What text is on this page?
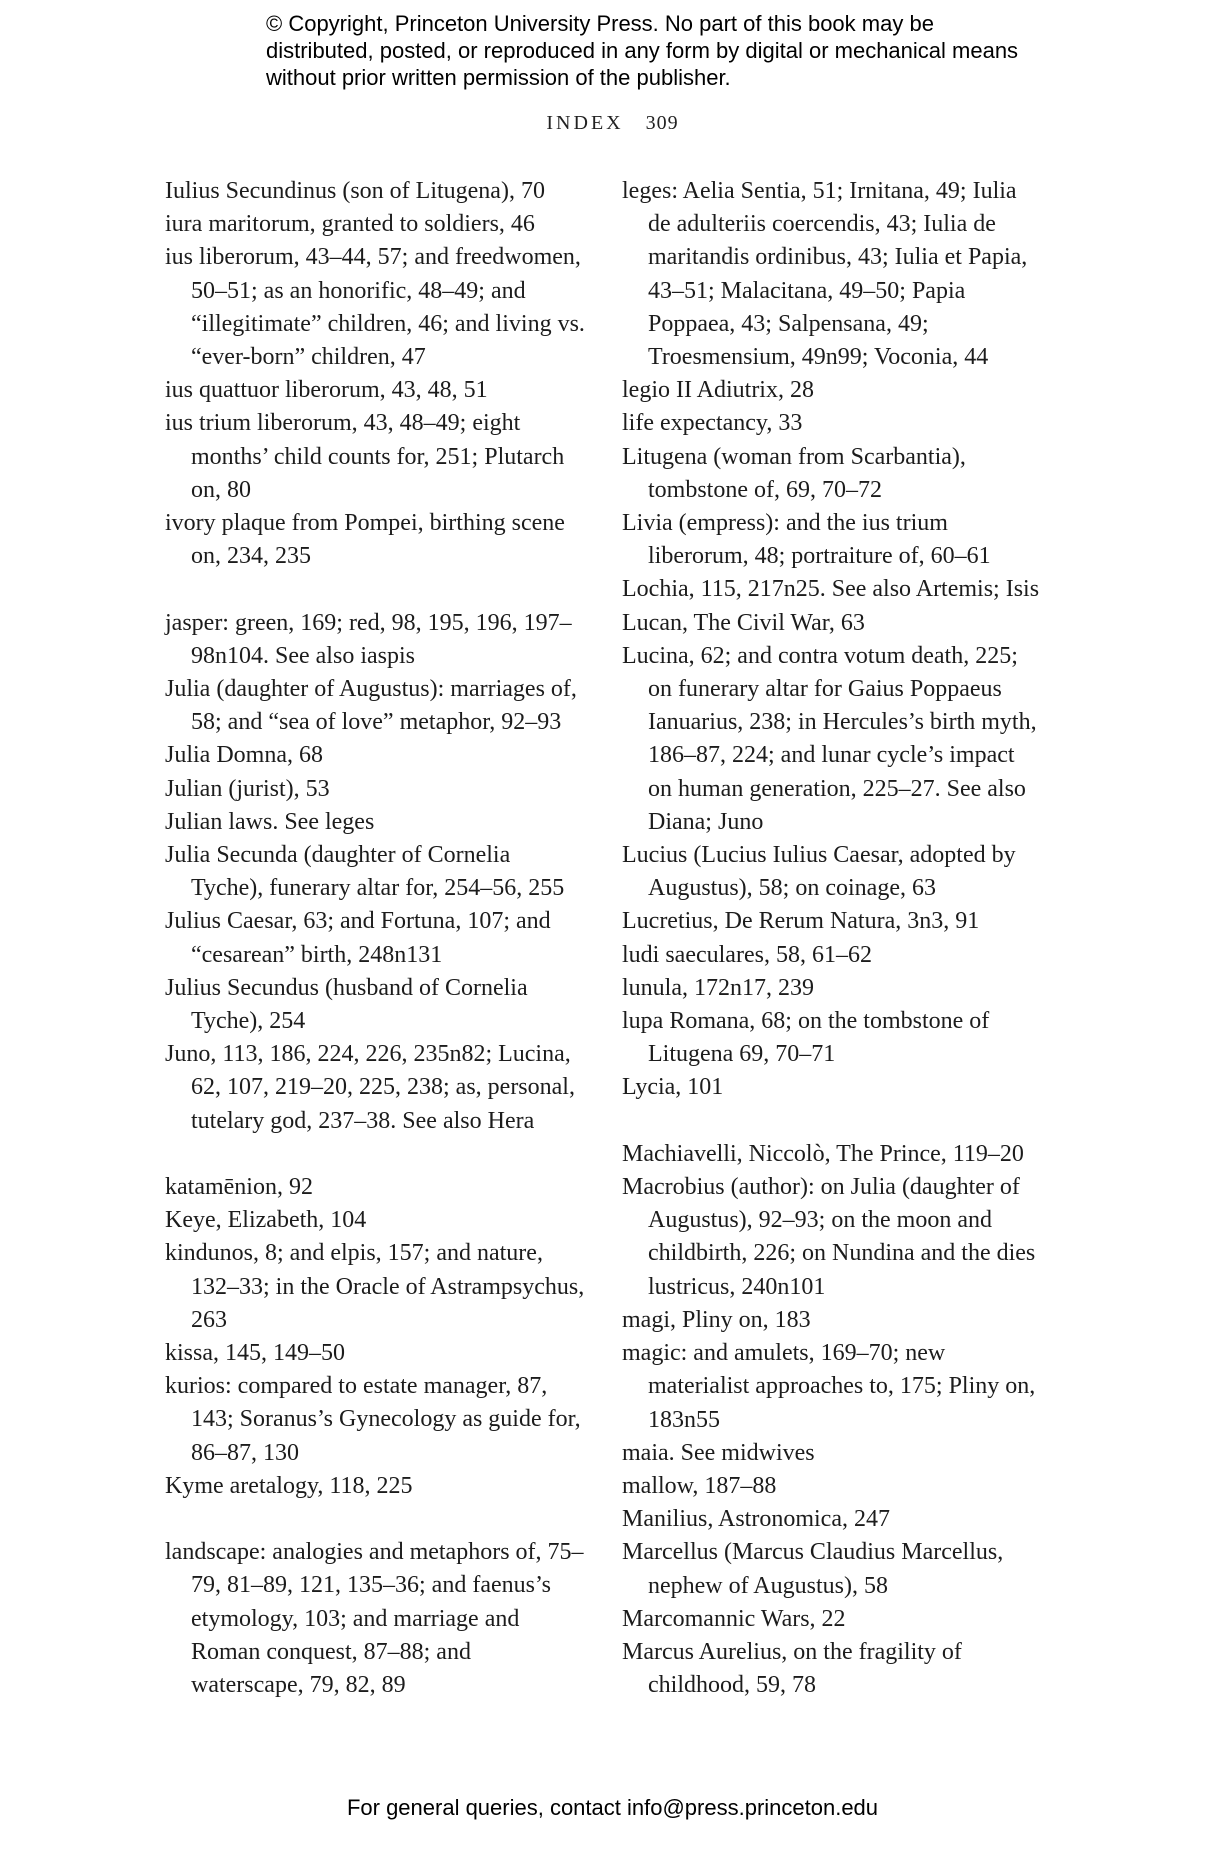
© Copyright, Princeton University Press. No part of this book may be distributed, posted, or reproduced in any form by digital or mechanical means without prior written permission of the publisher.
INDEX 309
Iulius Secundinus (son of Litugena), 70
iura maritorum, granted to soldiers, 46
ius liberorum, 43–44, 57; and freedwomen, 50–51; as an honorific, 48–49; and “illegitimate” children, 46; and living vs. “ever-born” children, 47
ius quattuor liberorum, 43, 48, 51
ius trium liberorum, 43, 48–49; eight months’ child counts for, 251; Plutarch on, 80
ivory plaque from Pompei, birthing scene on, 234, 235
jasper: green, 169; red, 98, 195, 196, 197–98n104. See also iaspis
Julia (daughter of Augustus): marriages of, 58; and “sea of love” metaphor, 92–93
Julia Domna, 68
Julian (jurist), 53
Julian laws. See leges
Julia Secunda (daughter of Cornelia Tyche), funerary altar for, 254–56, 255
Julius Caesar, 63; and Fortuna, 107; and “cesarean” birth, 248n131
Julius Secundus (husband of Cornelia Tyche), 254
Juno, 113, 186, 224, 226, 235n82; Lucina, 62, 107, 219–20, 225, 238; as, personal, tutelary god, 237–38. See also Hera
katamēnion, 92
Keye, Elizabeth, 104
kindunos, 8; and elpis, 157; and nature, 132–33; in the Oracle of Astrampsychus, 263
kissa, 145, 149–50
kurios: compared to estate manager, 87, 143; Soranus’s Gynecology as guide for, 86–87, 130
Kyme aretalogy, 118, 225
landscape: analogies and metaphors of, 75–79, 81–89, 121, 135–36; and faenus’s etymology, 103; and marriage and Roman conquest, 87–88; and waterscape, 79, 82, 89
leges: Aelia Sentia, 51; Irnitana, 49; Iulia de adulteriis coercendis, 43; Iulia de maritandis ordinibus, 43; Iulia et Papia, 43–51; Malacitana, 49–50; Papia Poppaea, 43; Salpensana, 49; Troesmensium, 49n99; Voconia, 44
legio II Adiutrix, 28
life expectancy, 33
Litugena (woman from Scarbantia), tombstone of, 69, 70–72
Livia (empress): and the ius trium liberorum, 48; portraiture of, 60–61
Lochia, 115, 217n25. See also Artemis; Isis
Lucan, The Civil War, 63
Lucina, 62; and contra votum death, 225; on funerary altar for Gaius Poppaeus Ianuarius, 238; in Hercules’s birth myth, 186–87, 224; and lunar cycle’s impact on human generation, 225–27. See also Diana; Juno
Lucius (Lucius Iulius Caesar, adopted by Augustus), 58; on coinage, 63
Lucretius, De Rerum Natura, 3n3, 91
ludi saeculares, 58, 61–62
lunula, 172n17, 239
lupa Romana, 68; on the tombstone of Litugena 69, 70–71
Lycia, 101
Machiavelli, Niccolò, The Prince, 119–20
Macrobius (author): on Julia (daughter of Augustus), 92–93; on the moon and childbirth, 226; on Nundina and the dies lustricus, 240n101
magi, Pliny on, 183
magic: and amulets, 169–70; new materialist approaches to, 175; Pliny on, 183n55
maia. See midwives
mallow, 187–88
Manilius, Astronomica, 247
Marcellus (Marcus Claudius Marcellus, nephew of Augustus), 58
Marcomannic Wars, 22
Marcus Aurelius, on the fragility of childhood, 59, 78
For general queries, contact info@press.princeton.edu
